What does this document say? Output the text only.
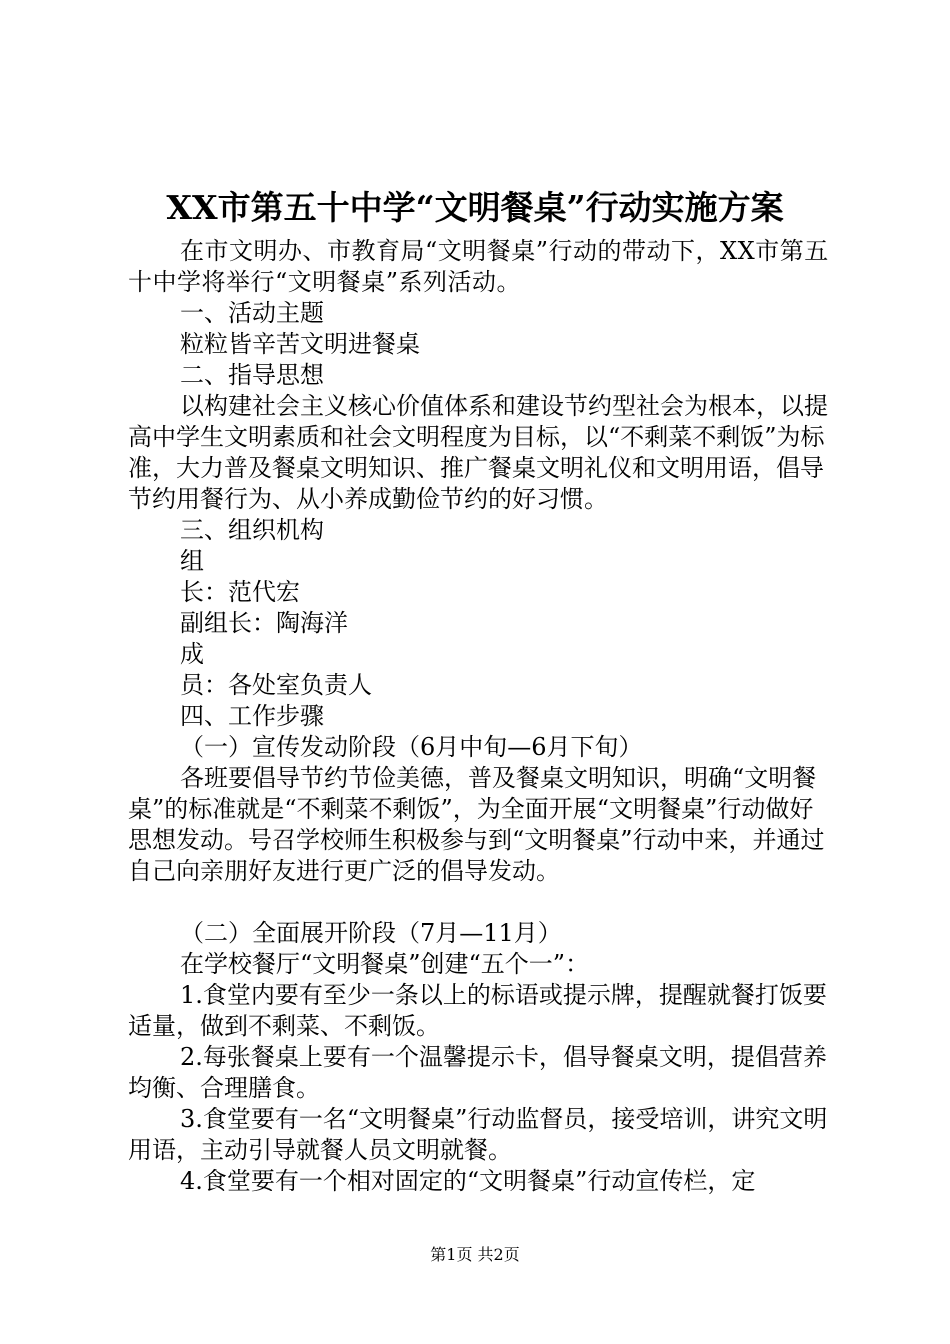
XX市第五十中学“文明餐桌”行动实施方案

在市文明办、市教育局“文明餐桌”行动的带动下，XX市第五十中学将举行“文明餐桌”系列活动。

一、活动主题

粒粒皆辛苦文明进餐桌

二、指导思想

以构建社会主义核心价值体系和建设节约型社会为根本，以提高中学生文明素质和社会文明程度为目标，以“不剩菜不剩饭”为标准，大力普及餐桌文明知识、推广餐桌文明礼仪和文明用语，倡导节约用餐行为、从小养成勤俭节约的好习惯。

三、组织机构

组

长：范代宏

副组长：陶海洋

成

员：各处室负责人

四、工作步骤

（一）宣传发动阶段（6月中旬—6月下旬）

各班要倡导节约节俭美德，普及餐桌文明知识，明确“文明餐桌”的标准就是“不剩菜不剩饭”，为全面开展“文明餐桌”行动做好思想发动。号召学校师生积极参与到“文明餐桌”行动中来，并通过自己向亲朋好友进行更广泛的倡导发动。

（二）全面展开阶段（7月—11月）

在学校餐厅“文明餐桌”创建“五个一”：

1.食堂内要有至少一条以上的标语或提示牌，提醒就餐打饭要适量，做到不剩菜、不剩饭。

2.每张餐桌上要有一个温馨提示卡，倡导餐桌文明，提倡营养均衡、合理膳食。

3.食堂要有一名“文明餐桌”行动监督员，接受培训，讲究文明用语，主动引导就餐人员文明就餐。

4.食堂要有一个相对固定的“文明餐桌”行动宣传栏，定

第1页 共2页
